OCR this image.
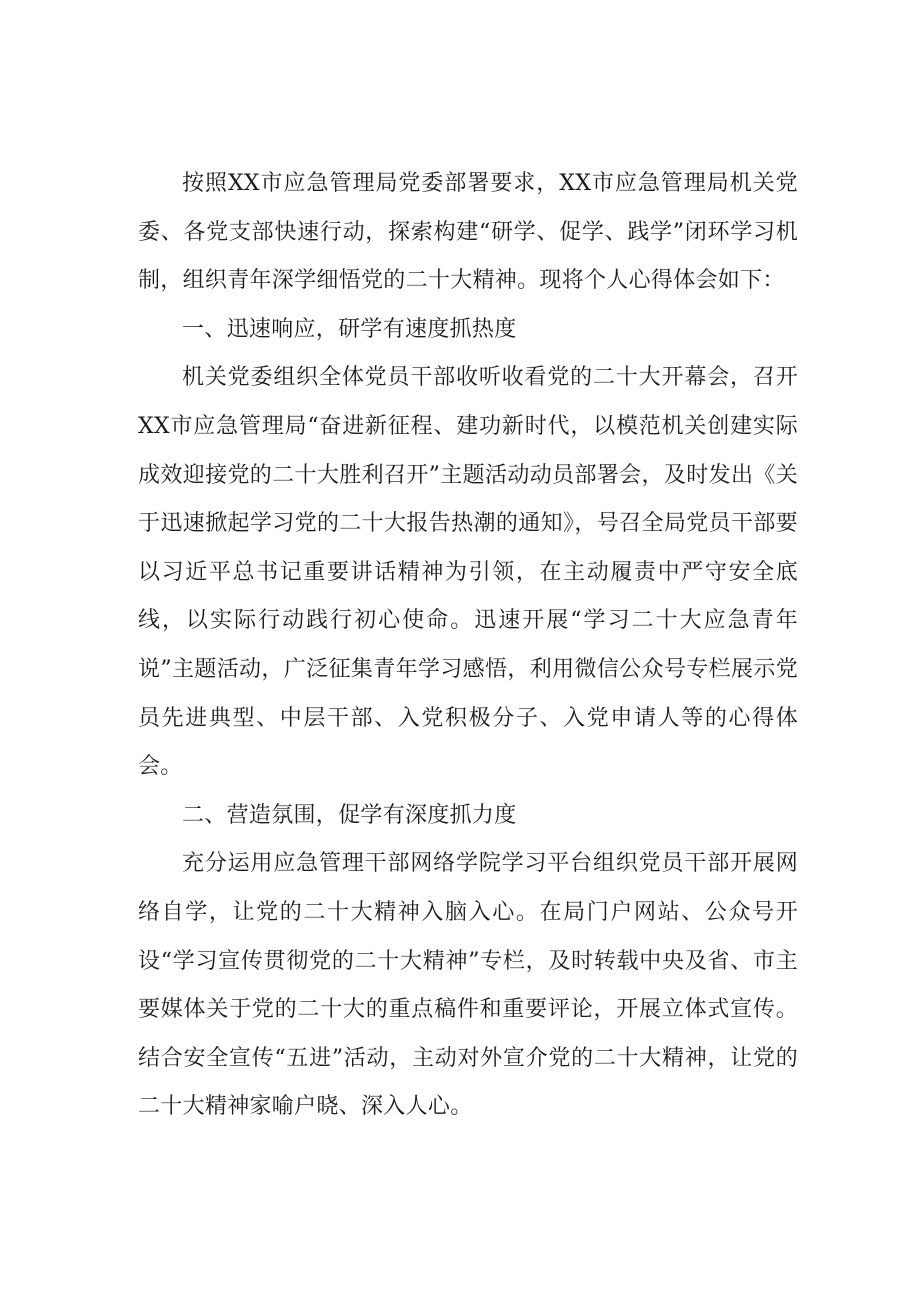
按照XX市应急管理局党委部署要求，XX市应急管理局机关党委、各党支部快速行动，探索构建“研学、促学、践学”闭环学习机制，组织青年深学细悟党的二十大精神。现将个人心得体会如下：

一、迅速响应，研学有速度抓热度

机关党委组织全体党员干部收听收看党的二十大开幕会，召开XX市应急管理局“奋进新征程、建功新时代，以模范机关创建实际成效迎接党的二十大胜利召开”主题活动动员部署会，及时发出《关于迅速掀起学习党的二十大报告热潮的通知》，号召全局党员干部要以习近平总书记重要讲话精神为引领，在主动履责中严守安全底线，以实际行动践行初心使命。迅速开展“学习二十大应急青年说”主题活动，广泛征集青年学习感悟，利用微信公众号专栏展示党员先进典型、中层干部、入党积极分子、入党申请人等的心得体会。

二、营造氛围，促学有深度抓力度

充分运用应急管理干部网络学院学习平台组织党员干部开展网络自学，让党的二十大精神入脑入心。在局门户网站、公众号开设“学习宣传贯彻党的二十大精神”专栏，及时转载中央及省、市主要媒体关于党的二十大的重点稿件和重要评论，开展立体式宣传。结合安全宣传“五进”活动，主动对外宣介党的二十大精神，让党的二十大精神家喻户晓、深入人心。
